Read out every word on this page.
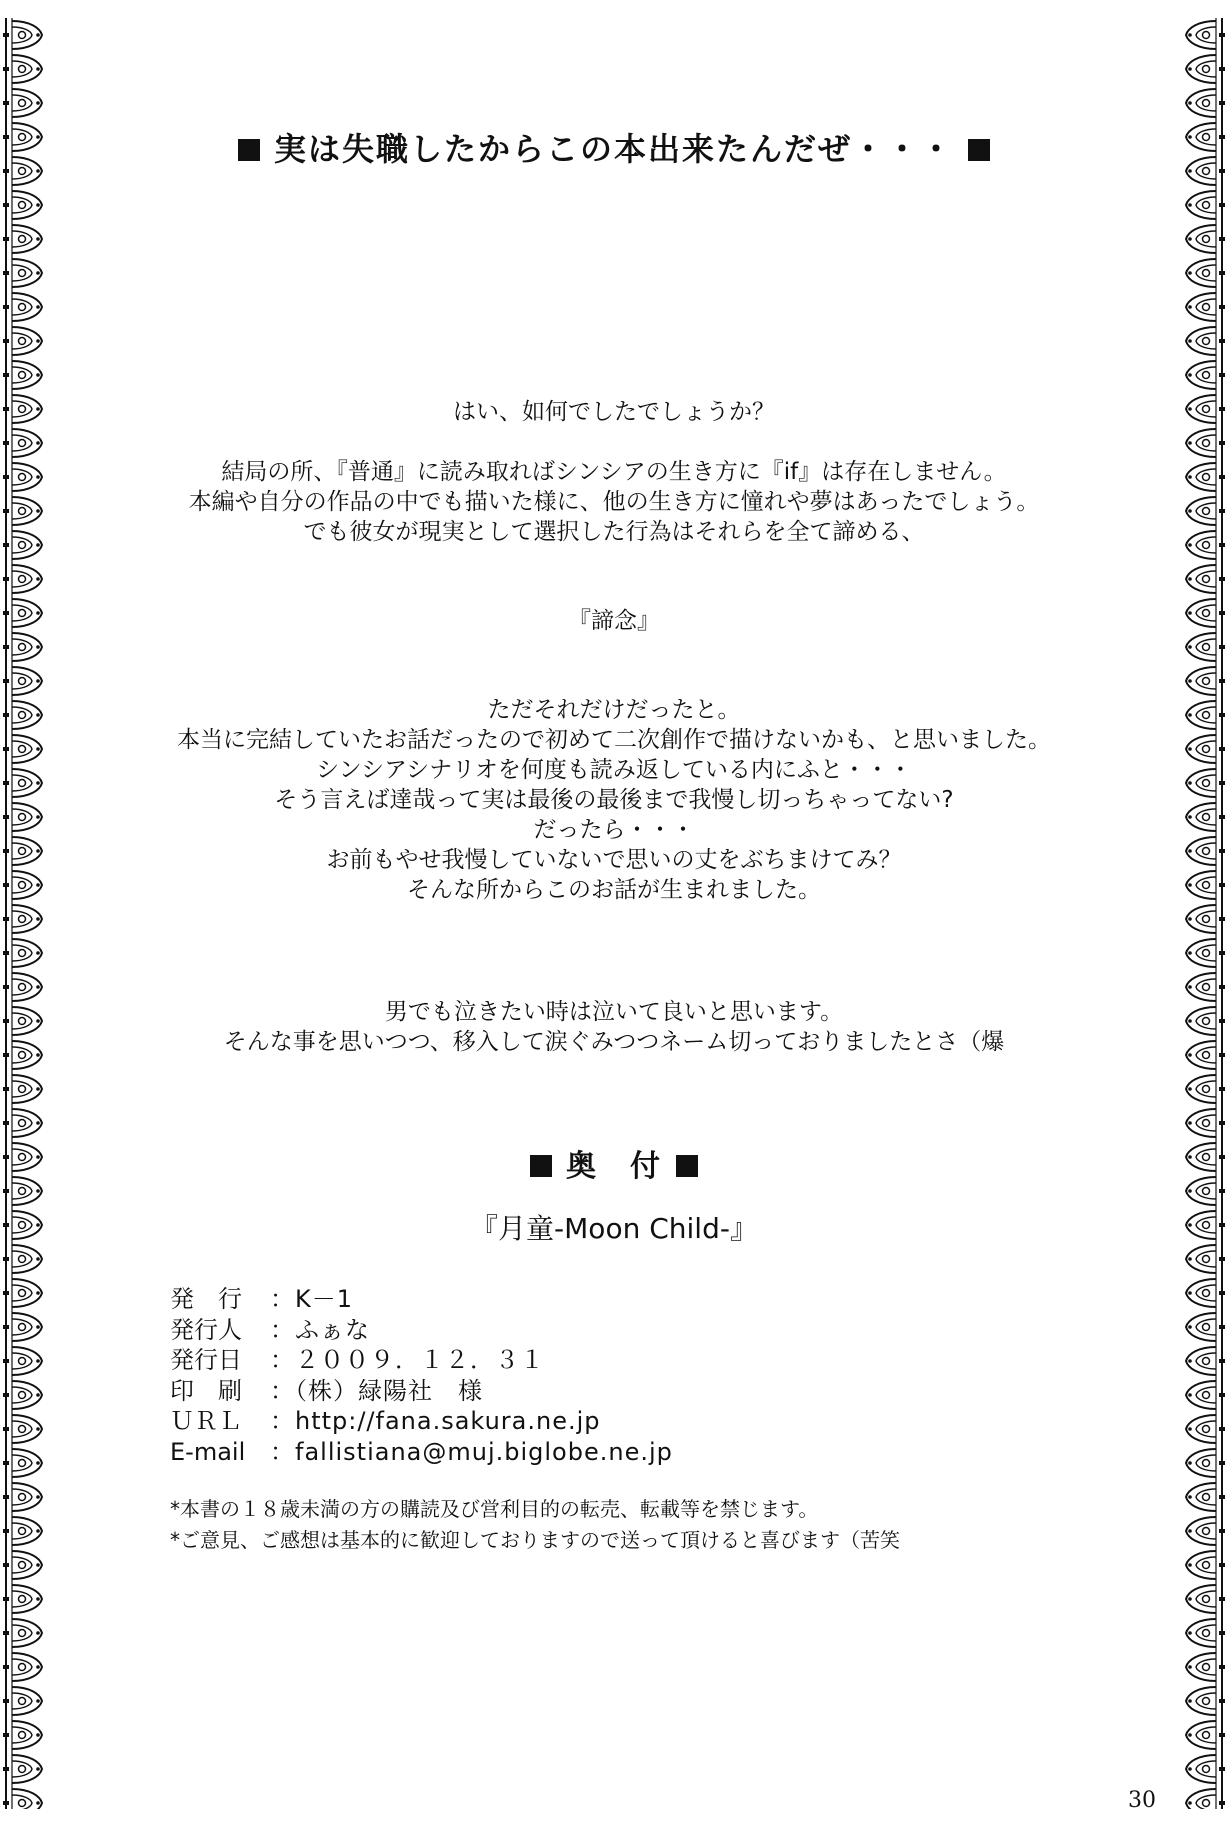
実は失職したからこの本出来たんだぜ・・・
はい、如何でしたでしょうか？
結局の所、『普通』に読み取ればシンシアの生き方に『if』は存在しません。
本編や自分の作品の中でも描いた様に、他の生き方に憧れや夢はあったでしょう。
でも彼女が現実として選択した行為はそれらを全て諦める、
『諦念』
ただそれだけだったと。
本当に完結していたお話だったので初めて二次創作で描けないかも、と思いました。
シンシアシナリオを何度も読み返している内にふと・・・
そう言えば達哉って実は最後の最後まで我慢し切っちゃってない?
だったら・・・
お前もやせ我慢していないで思いの丈をぶちまけてみ？
そんな所からこのお話が生まれました。
男でも泣きたい時は泣いて良いと思います。
そんな事を思いつつ、移入して涙ぐみつつネーム切っておりましたとさ（爆
奥　付
『月童-Moon Child-』
発　行	：K－1
発行人	：ふぁな
発行日	：２００９．１２．３１
印　刷	：（株）緑陽社　様
ＵＲＬ	：http://fana.sakura.ne.jp
E-mail	：fallistiana@muj.biglobe.ne.jp
*本書の１８歳未満の方の購読及び営利目的の転売、転載等を禁じます。
*ご意見、ご感想は基本的に歓迎しておりますので送って頂けると喜びます（苦笑
30
